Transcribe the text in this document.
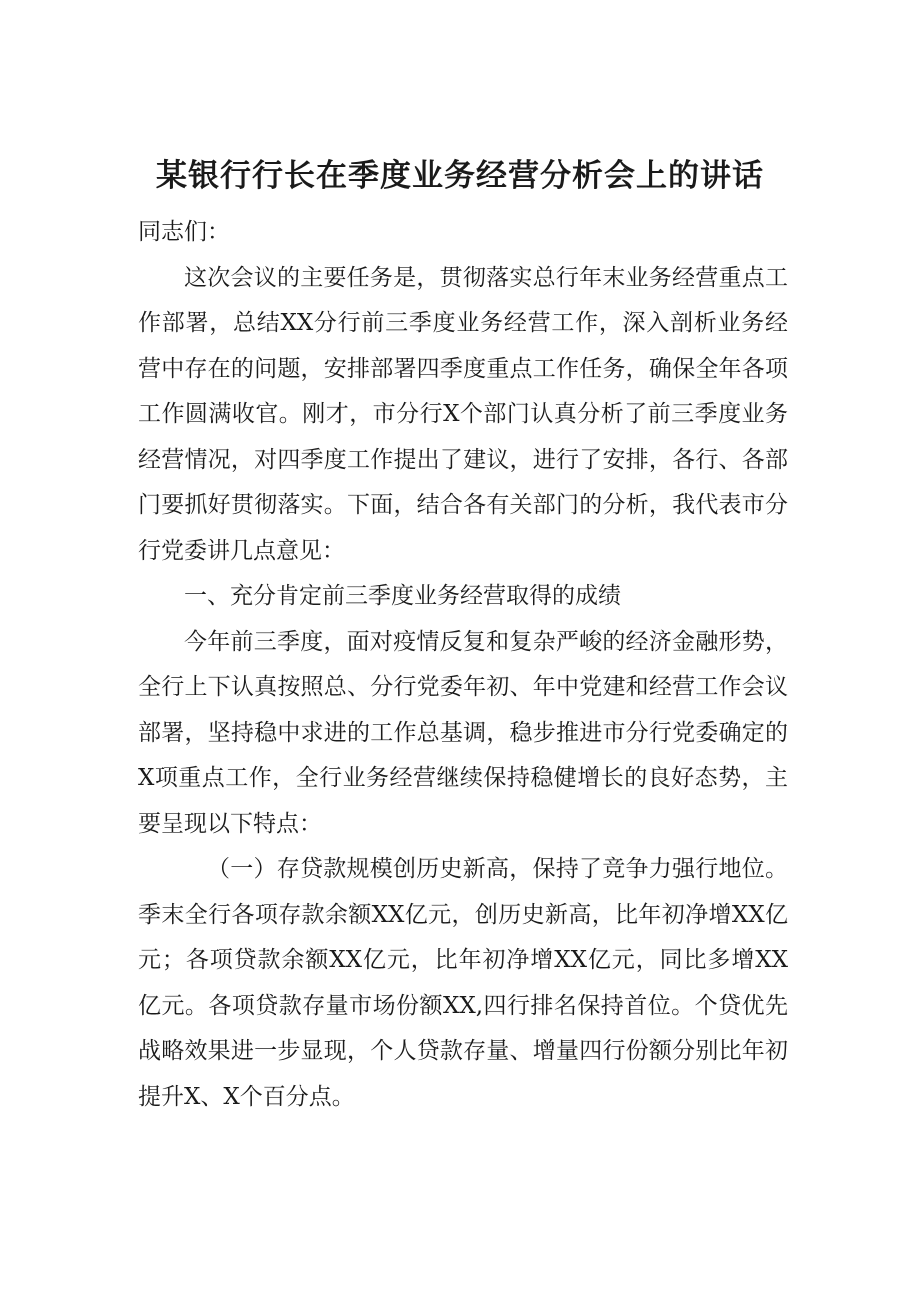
某银行行长在季度业务经营分析会上的讲话

同志们：

这次会议的主要任务是，贯彻落实总行年末业务经营重点工作部署，总结XX分行前三季度业务经营工作，深入剖析业务经营中存在的问题，安排部署四季度重点工作任务，确保全年各项工作圆满收官。刚才，市分行X个部门认真分析了前三季度业务经营情况，对四季度工作提出了建议，进行了安排，各行、各部门要抓好贯彻落实。下面，结合各有关部门的分析，我代表市分行党委讲几点意见：

一、充分肯定前三季度业务经营取得的成绩

今年前三季度，面对疫情反复和复杂严峻的经济金融形势，全行上下认真按照总、分行党委年初、年中党建和经营工作会议部署，坚持稳中求进的工作总基调，稳步推进市分行党委确定的X项重点工作，全行业务经营继续保持稳健增长的良好态势，主要呈现以下特点：

（一）存贷款规模创历史新高，保持了竞争力强行地位。季末全行各项存款余额XX亿元，创历史新高，比年初净增XX亿元；各项贷款余额XX亿元，比年初净增XX亿元，同比多增XX亿元。各项贷款存量市场份额XX,四行排名保持首位。个贷优先战略效果进一步显现，个人贷款存量、增量四行份额分别比年初提升X、X个百分点。
